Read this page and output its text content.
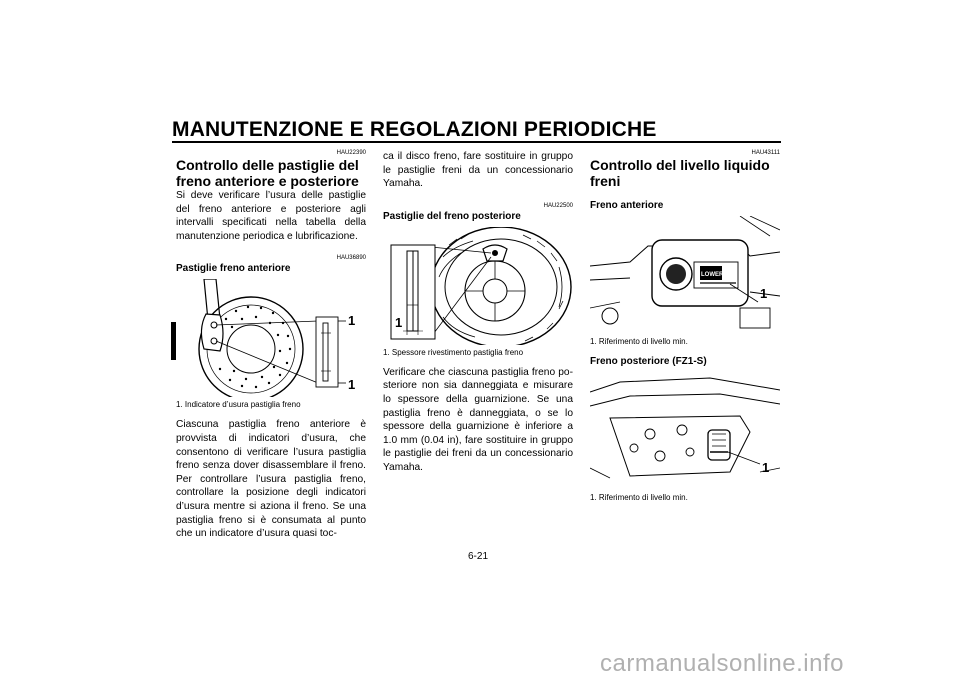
MANUTENZIONE E REGOLAZIONI PERIODICHE
HAU22390
Controllo delle pastiglie del freno anteriore e posteriore

Si deve verificare l’usura delle pastiglie del freno anteriore e posteriore agli intervalli specificati nella tabella della manutenzione periodica e lubrificazione.

HAU36890
Pastiglie freno anteriore
1
1
1. Indicatore d’usura pastiglia freno

Ciascuna pastiglia freno anteriore è provvista di indicatori d’usura, che consentono di verificare l’usura pastiglia freno senza dover disassemblare il freno. Per controllare l’usura pastiglia freno, controllare la posizione degli indicatori d’usura mentre si aziona il freno. Se una pastiglia freno si è consumata al punto che un indicatore d’usura quasi toc-

ca il disco freno, fare sostituire in gruppo le pastiglie freni da un concessionario Yamaha.

HAU22500
Pastiglie del freno posteriore
1
1. Spessore rivestimento pastiglia freno

Verificare che ciascuna pastiglia freno posteriore non sia danneggiata e misurare lo spessore della guarnizione. Se una pastiglia freno è danneggiata, o se lo spessore della guarnizione è inferiore a 1.0 mm (0.04 in), fare sostituire in gruppo le pastiglie dei freni da un concessionario Yamaha.

HAU43111
Controllo del livello liquido freni
Freno anteriore
LOWER
1
1. Riferimento di livello min.
Freno posteriore (FZ1-S)
1
1. Riferimento di livello min.
6-21
carmanualsonline.info
